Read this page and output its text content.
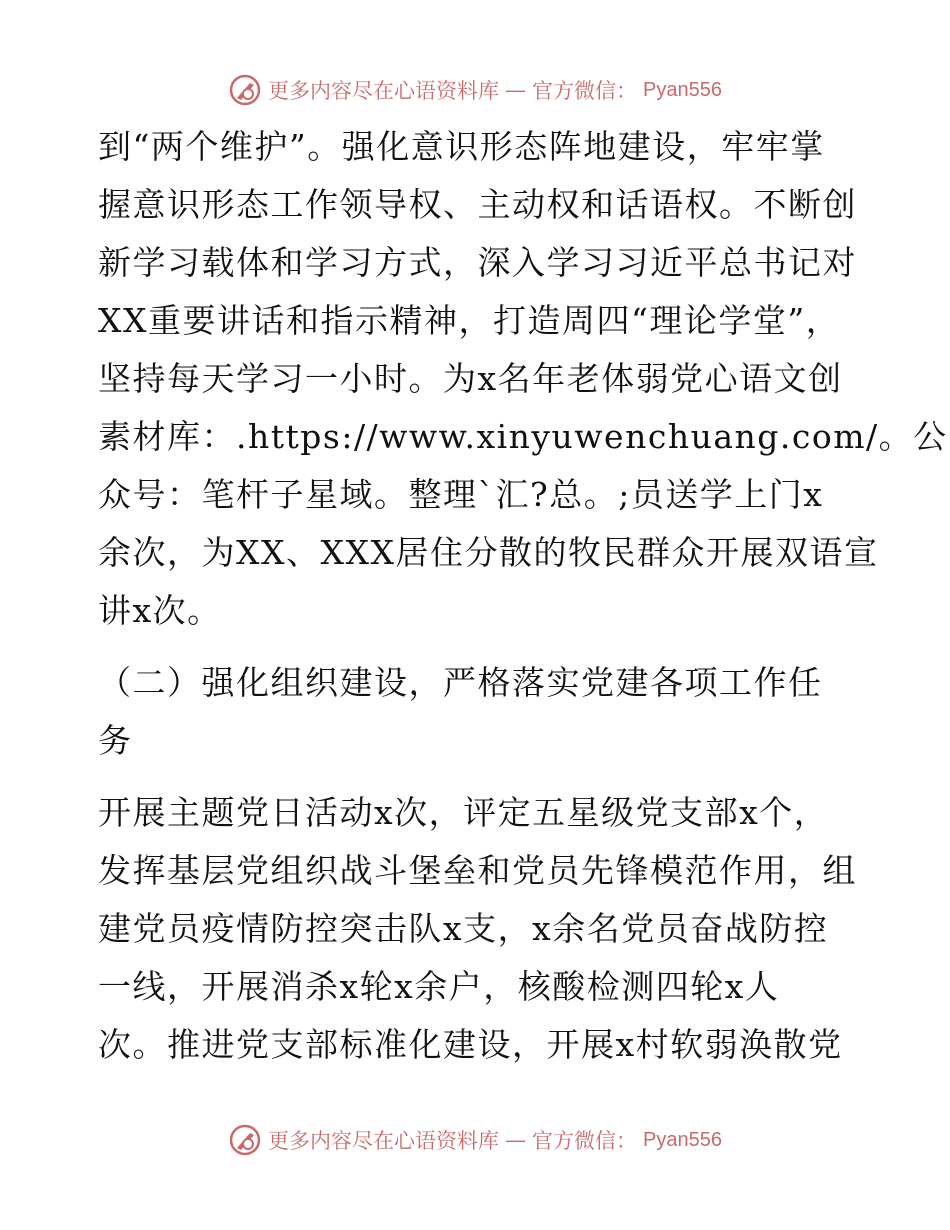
更多内容尽在心语资料库 — 官方微信： Pyan556
到“两个维护”。强化意识形态阵地建设，牢牢掌
握意识形态工作领导权、主动权和话语权。不断创
新学习载体和学习方式，深入学习习近平总书记对
XX重要讲话和指示精神，打造周四“理论学堂”，
坚持每天学习一小时。为x名年老体弱党心语文创
素材库：.https://www.xinyuwenchuang.com/。公
众号：笔杆子星域。整理`汇?总。;员送学上门x
余次，为XX、XXX居住分散的牧民群众开展双语宣
讲x次。
（二）强化组织建设，严格落实党建各项工作任
务
开展主题党日活动x次，评定五星级党支部x个，
发挥基层党组织战斗堡垒和党员先锋模范作用，组
建党员疫情防控突击队x支，x余名党员奋战防控
一线，开展消杀x轮x余户，核酸检测四轮x人
次。推进党支部标准化建设，开展x村软弱涣散党
更多内容尽在心语资料库 — 官方微信： Pyan556
